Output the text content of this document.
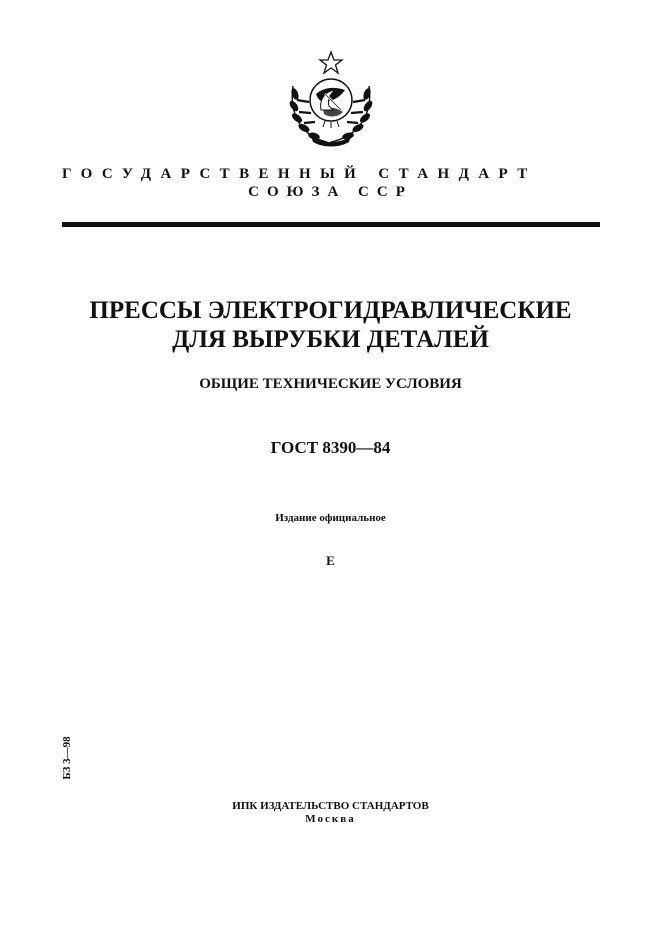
ГОСУДАРСТВЕННЫЙ СТАНДАРТ
СОЮЗА ССР
ПРЕССЫ ЭЛЕКТРОГИДРАВЛИЧЕСКИЕ
ДЛЯ ВЫРУБКИ ДЕТАЛЕЙ
ОБЩИЕ ТЕХНИЧЕСКИЕ УСЛОВИЯ
ГОСТ 8390—84
Издание официальное
Е
БЗ 3—98
ИПК ИЗДАТЕЛЬСТВО СТАНДАРТОВ
Москва
